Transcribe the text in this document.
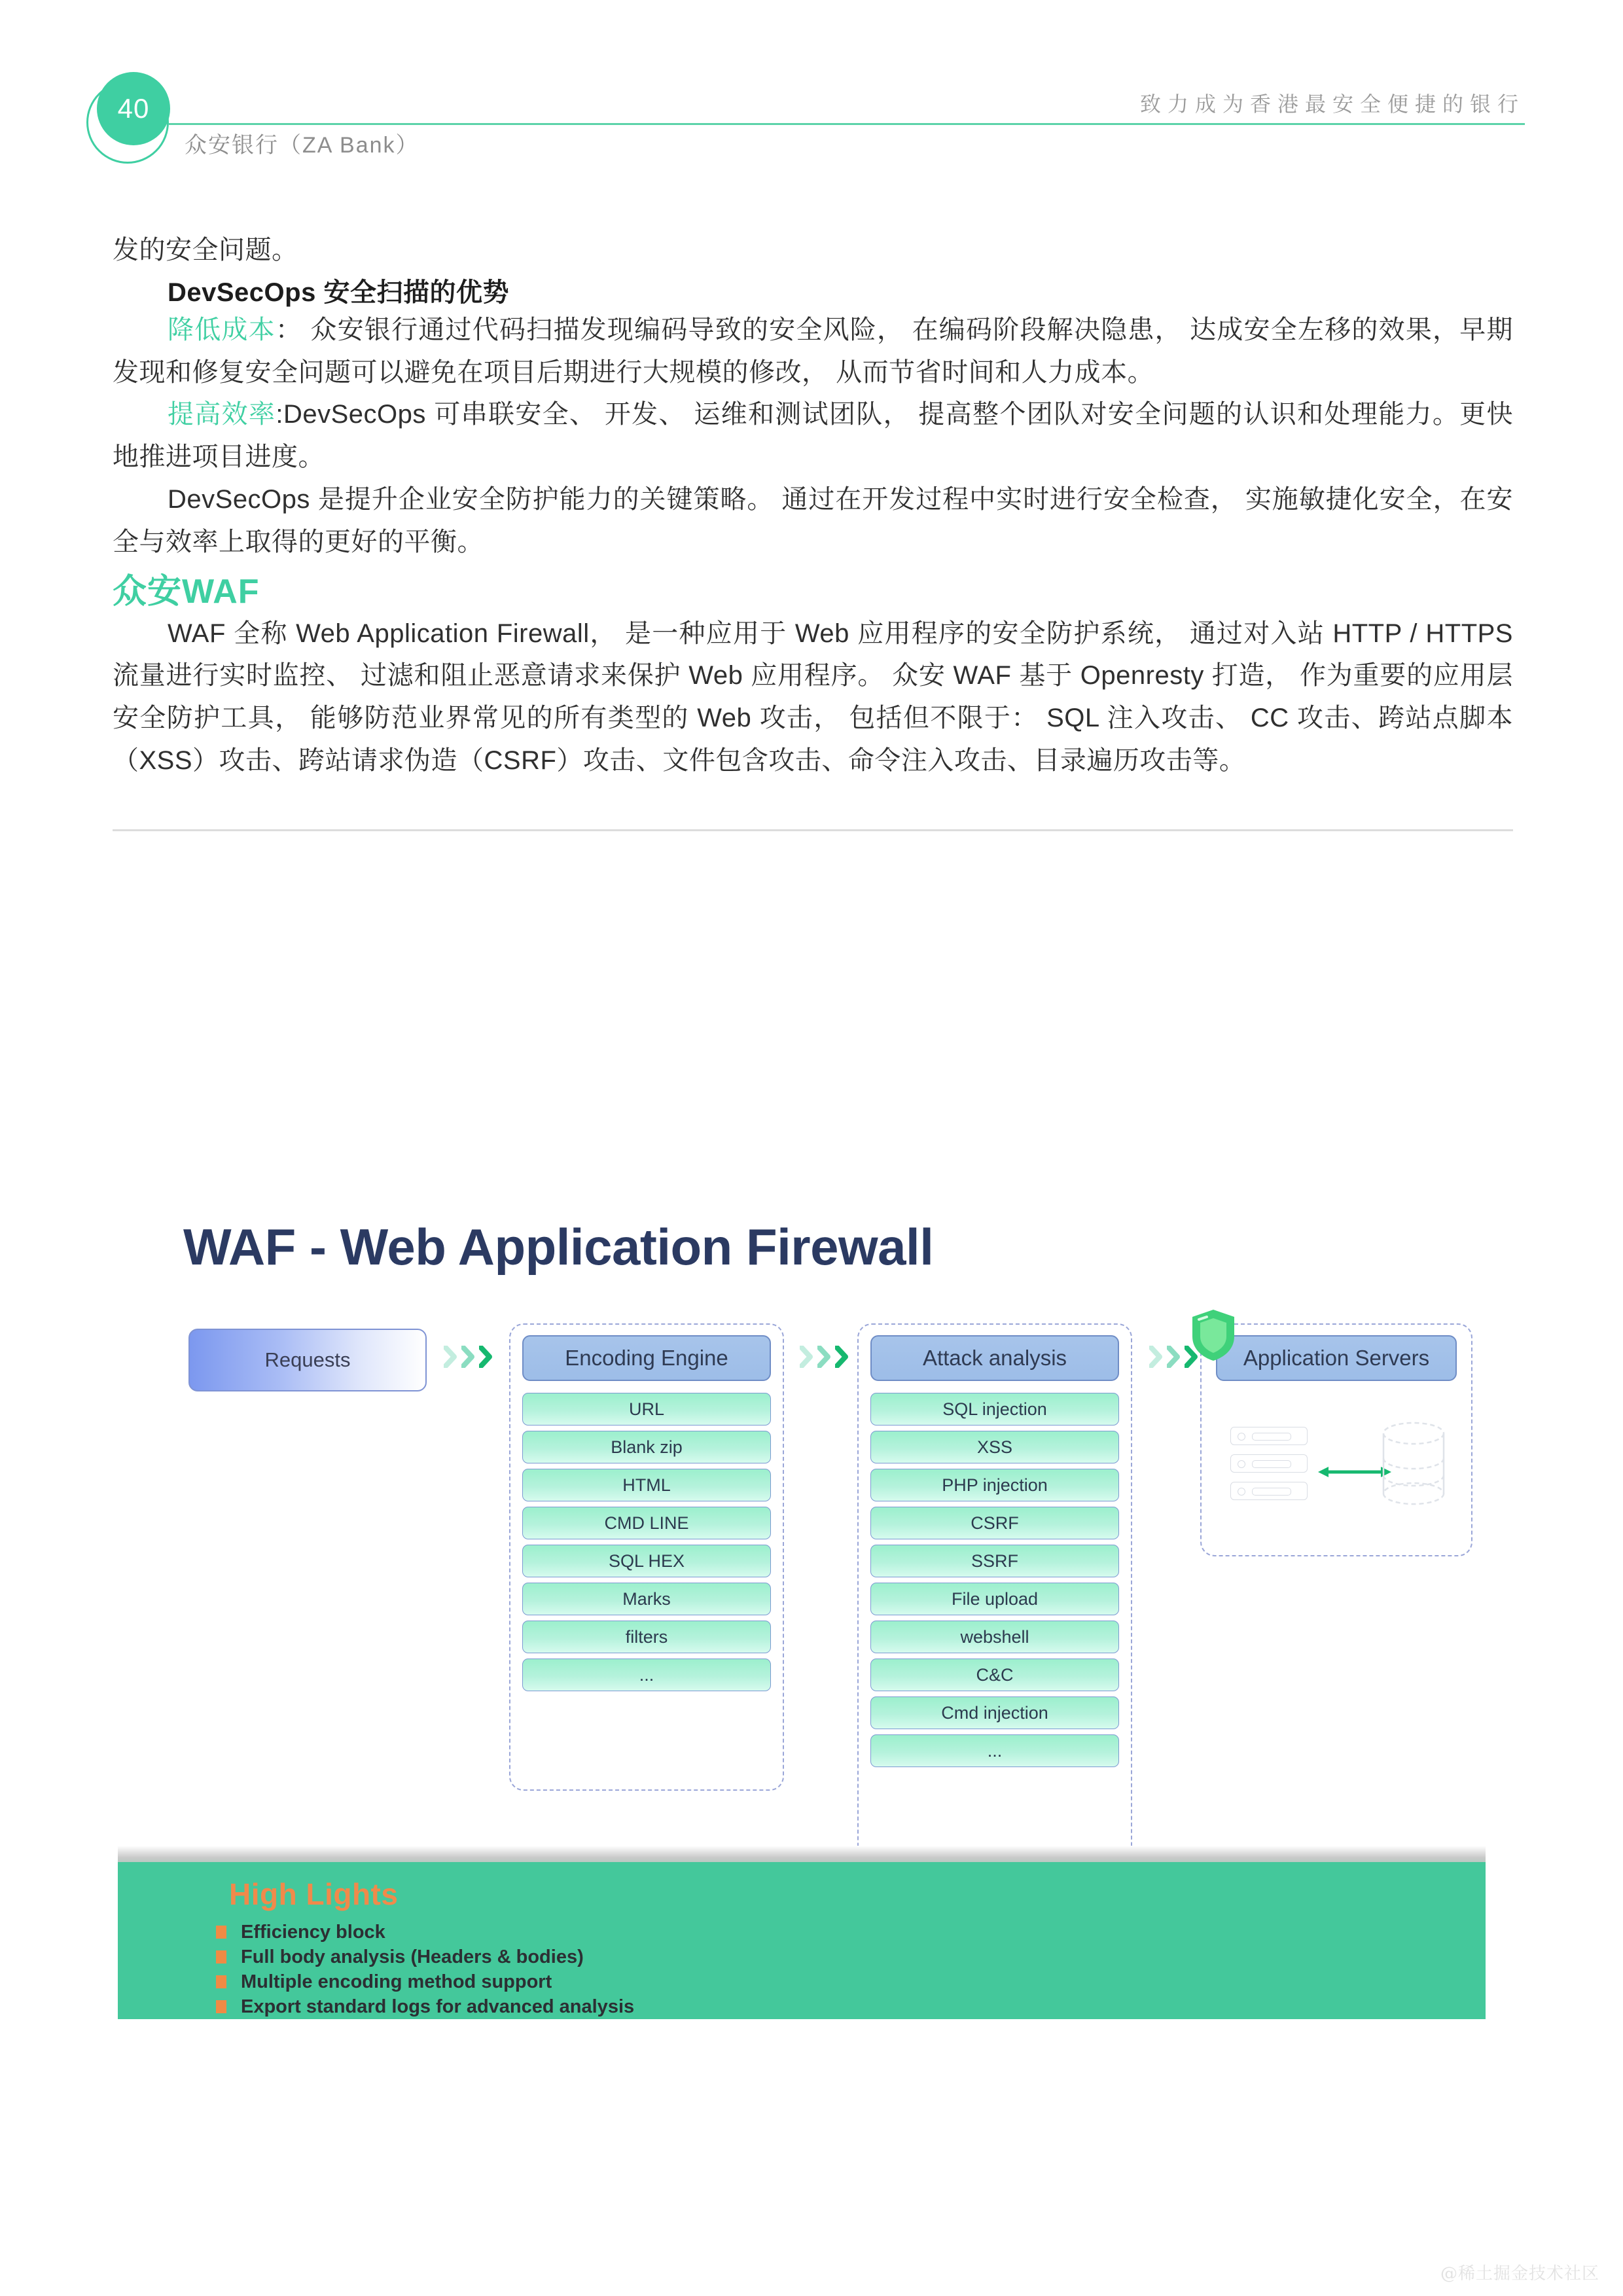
40
众安银行（ZA Bank）
致力成为香港最安全便捷的银行

发的安全问题。

DevSecOps 安全扫描的优势

降低成本： 众安银行通过代码扫描发现编码导致的安全风险， 在编码阶段解决隐患， 达成安全左移的效果，早期发现和修复安全问题可以避免在项目后期进行大规模的修改， 从而节省时间和人力成本。

提高效率:DevSecOps 可串联安全、 开发、 运维和测试团队， 提高整个团队对安全问题的认识和处理能力。更快地推进项目进度。

DevSecOps 是提升企业安全防护能力的关键策略。 通过在开发过程中实时进行安全检查， 实施敏捷化安全，在安全与效率上取得的更好的平衡。

众安WAF

WAF 全称 Web Application Firewall， 是一种应用于 Web 应用程序的安全防护系统， 通过对入站 HTTP / HTTPS 流量进行实时监控、 过滤和阻止恶意请求来保护 Web 应用程序。 众安 WAF 基于 Openresty 打造， 作为重要的应用层安全防护工具， 能够防范业界常见的所有类型的 Web 攻击， 包括但不限于： SQL 注入攻击、 CC 攻击、跨站点脚本（XSS）攻击、跨站请求伪造（CSRF）攻击、文件包含攻击、命令注入攻击、目录遍历攻击等。

WAF - Web Application Firewall
Requests	Encoding Engine
URL
Blank zip
HTML
CMD LINE
SQL HEX
Marks
filters
...
Attack analysis
SQL injection
XSS
PHP injection
CSRF
SSRF
File upload
webshell
C&C
Cmd injection
...
Application Servers
High Lights
Efficiency block
Full body analysis (Headers & bodies)
Multiple encoding method support
Export standard logs for advanced analysis
@稀土掘金技术社区
